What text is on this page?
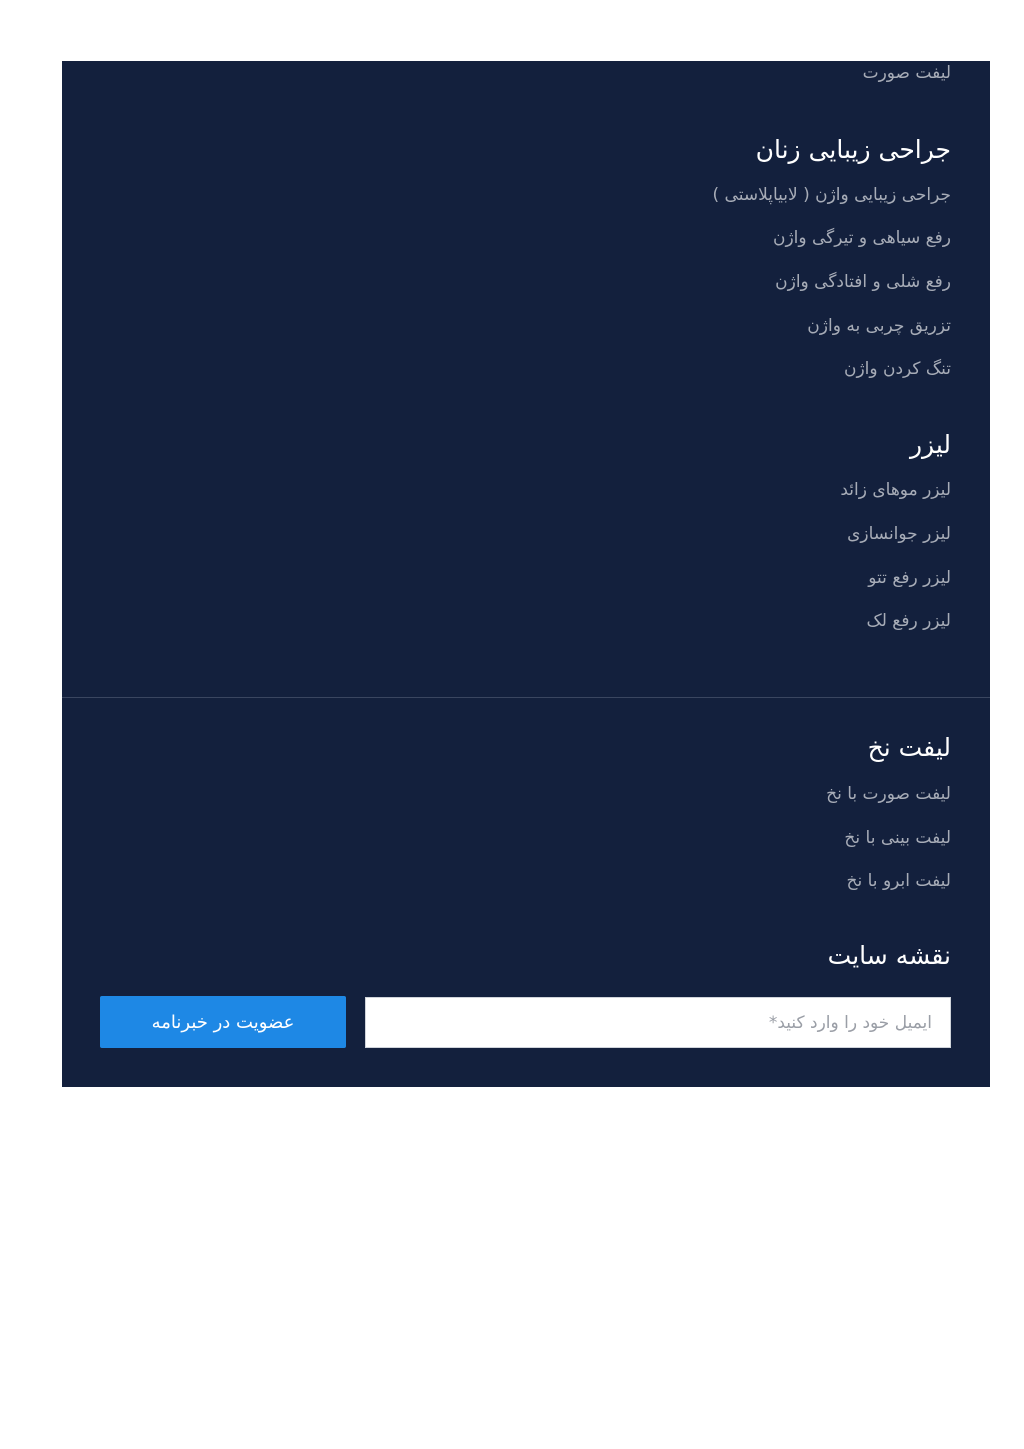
لیفت صورت
جراحی زیبایی زنان
جراحی زیبایی واژن ( لابیاپلاستی )
رفع سیاهی و تیرگی واژن
رفع شلی و افتادگی واژن
تزریق چربی به واژن
تنگ کردن واژن
لیزر
لیزر موهای زائد
لیزر جوانسازی
لیزر رفع تتو
لیزر رفع لک
لیفت نخ
لیفت صورت با نخ
لیفت بینی با نخ
لیفت ابرو با نخ
نقشه سایت
ایمیل خود را وارد کنید*
عضویت در خبرنامه
